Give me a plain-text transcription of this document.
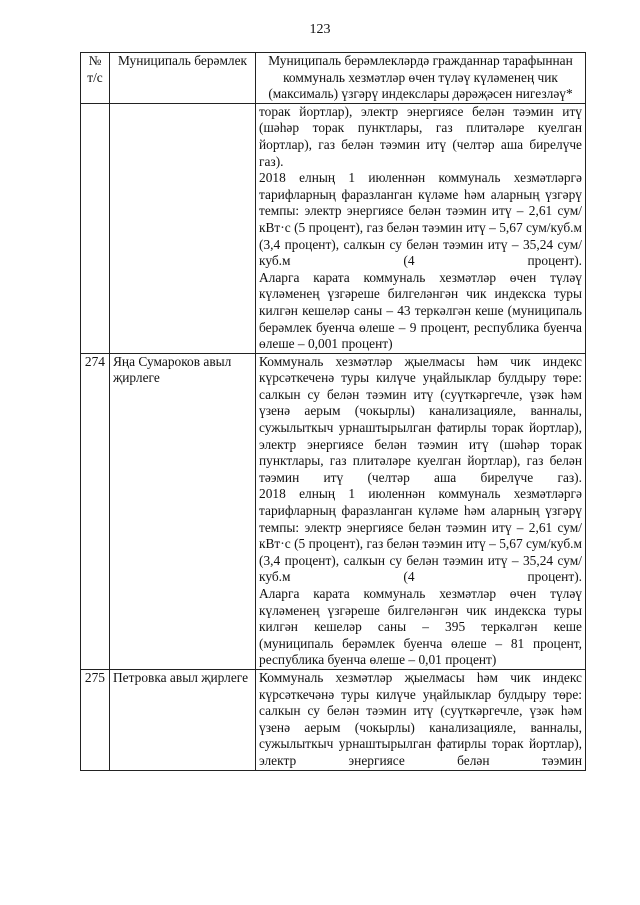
123
№ т/с	Муниципаль берәмлек	Муниципаль берәмлекләрдә гражданнар тарафыннан коммуналь хезмәтләр өчен түләү күләменең чик (максималь) үзгәрү индекслары дәрәҗәсен нигезләү*

		торак йортлар), электр энергиясе белән тәэмин итү (шәһәр торак пунктлары, газ плитәләре куелган йортлар), газ белән тәэмин итү (челтәр аша бирелүче газ).
2018 елның 1 июленнән коммуналь хезмәтләргә тарифларның фаразланган күләме һәм аларның үзгәрү темпы: электр энергиясе белән тәэмин итү – 2,61 сум/кВт·с (5 процент), газ белән тәэмин итү – 5,67 сум/куб.м (3,4 процент), салкын су белән тәэмин итү – 35,24 сум/куб.м (4 процент).
Аларга карата коммуналь хезмәтләр өчен түләү күләменең үзгәреше билгеләнгән чик индекска туры килгән кешеләр саны – 43 теркәлгән кеше (муниципаль берәмлек буенча өлеше – 9 процент, республика буенча өлеше – 0,001 процент)

274	Яңа Сумароков авыл җирлеге	Коммуналь хезмәтләр җыелмасы һәм чик индекс күрсәткеченә туры килүче уңайлыклар булдыру төре: салкын су белән тәэмин итү (суүткәргечле, үзәк һәм үзенә аерым (чокырлы) канализацияле, ванналы, сужылыткыч урнаштырылган фатирлы торак йортлар), электр энергиясе белән тәэмин итү (шәһәр торак пунктлары, газ плитәләре куелган йортлар), газ белән тәэмин итү (челтәр аша бирелүче газ).
2018 елның 1 июленнән коммуналь хезмәтләргә тарифларның фаразланган күләме һәм аларның үзгәрү темпы: электр энергиясе белән тәэмин итү – 2,61 сум/кВт·с (5 процент), газ белән тәэмин итү – 5,67 сум/куб.м (3,4 процент), салкын су белән тәэмин итү – 35,24 сум/куб.м (4 процент).
Аларга карата коммуналь хезмәтләр өчен түләү күләменең үзгәреше билгеләнгән чик индекска туры килгән кешеләр саны – 395 теркәлгән кеше (муниципаль берәмлек буенча өлеше – 81 процент, республика буенча өлеше – 0,01 процент)

275	Петровка авыл җирлеге	Коммуналь хезмәтләр җыелмасы һәм чик индекс күрсәткечәнә туры килүче уңайлыклар булдыру төре: салкын су белән тәэмин итү (суүткәргечле, үзәк һәм үзенә аерым (чокырлы) канализацияле, ванналы, сужылыткыч урнаштырылган фатирлы торак йортлар), электр энергиясе белән тәэмин
